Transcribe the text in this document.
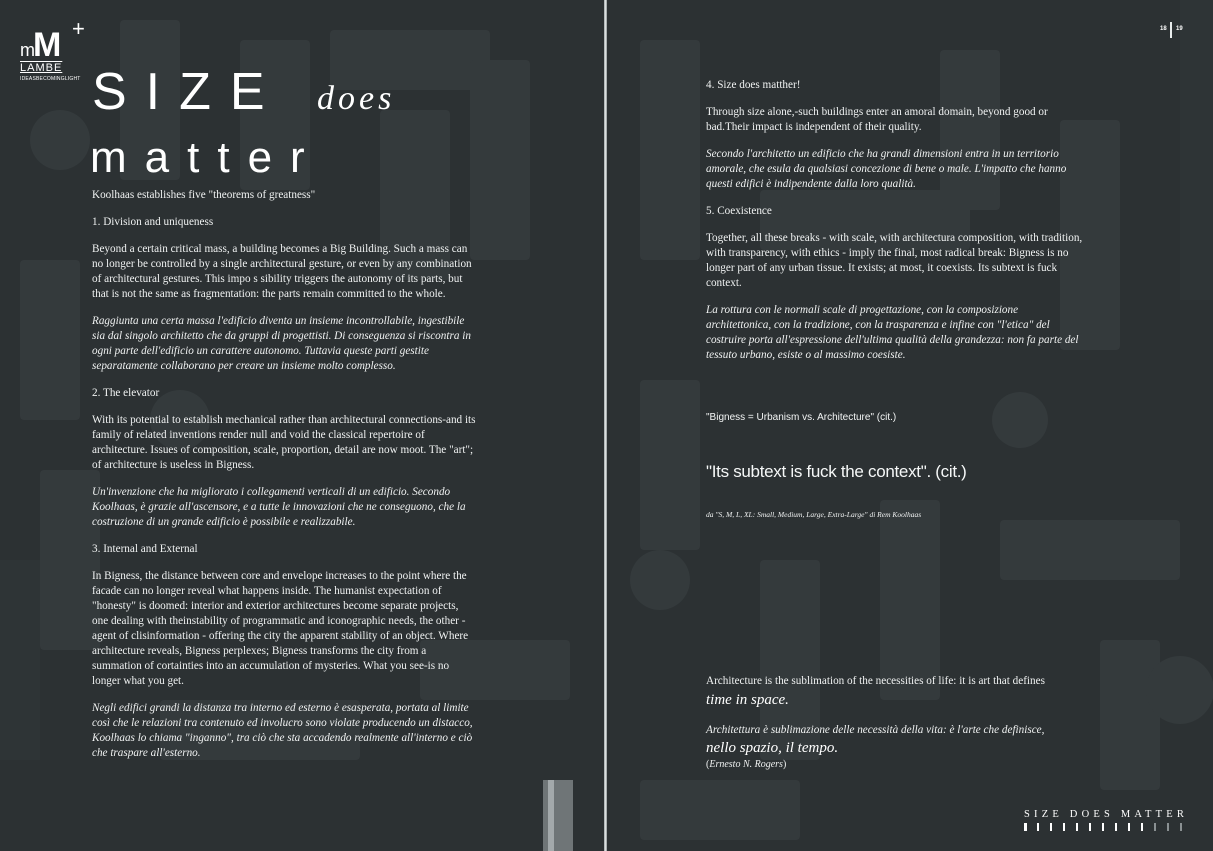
m
M +
LAMBE
IDEASBECOMINGLIGHT SIZE does
matter

Koolhaas establishes five "theorems of greatness"

1. Division and uniqueness

Beyond a certain critical mass, a building becomes a Big Building. Such a mass can no longer be controlled by a single architectural gesture, or even by any combination of architectural gestures. This impo s sibility triggers the autonomy of its parts, but that is not the same as fragmentation: the parts remain committed to the whole.

Raggiunta una certa massa l'edificio diventa un insieme incontrollabile, ingestibile sia dal singolo architetto che da gruppi di progettisti. Di conseguenza si riscontra in ogni parte dell'edificio un carattere autonomo. Tuttavia queste parti gestite separatamente collaborano per creare un insieme molto complesso.

2. The elevator

With its potential to establish mechanical rather than architectural connections-and its family of related inventions render null and void the classical repertoire of architecture. Issues of composition, scale, proportion, detail are now moot. The "art"; of architecture is useless in Bigness.

Un'invenzione che ha migliorato i collegamenti verticali di un edificio. Secondo Koolhaas, è grazie all'ascensore, e a tutte le innovazioni che ne conseguono, che la costruzione di un grande edificio è possibile e realizzabile.

3. Internal and External

In Bigness, the distance between core and envelope increases to the point where the facade can no longer reveal what happens inside. The humanist expectation of "honesty" is doomed: interior and exterior architectures become separate projects, one dealing with theinstability of programmatic and iconographic needs, the other - agent of clisinformation - offering the city the apparent stability of an object. Where architecture reveals, Bigness perplexes; Bigness transforms the city from a summation of cortainties into an accumulation of mysteries. What you see-is no longer what you get.

Negli edifici grandi la distanza tra interno ed esterno è esasperata, portata al limite così che le relazioni tra contenuto ed involucro sono violate producendo un distacco, Koolhaas lo chiama "inganno", tra ciò che sta accadendo realmente all'interno e ciò che traspare all'esterno.

18 19

4. Size does matther!

Through size alone,-such buildings enter an amoral domain, beyond good or bad.Their impact is independent of their quality.

Secondo l'architetto un edificio che ha grandi dimensioni entra in un territorio amorale, che esula da qualsiasi concezione di bene o male. L'impatto che hanno questi edifici è indipendente dalla loro qualità.

5. Coexistence

Together, all these breaks - with scale, with architectura composition, with tradition, with transparency, with ethics - imply the final, most radical break: Bigness is no longer part of any urban tissue. It exists; at most, it coexists. Its subtext is fuck context.

La rottura con le normali scale di progettazione, con la composizione architettonica, con la tradizione, con la trasparenza e infine con "l'etica" del costruire porta all'espressione dell'ultima qualità della grandezza: non fa parte del tessuto urbano, esiste o al massimo coesiste.

"Bigness = Urbanism vs. Architecture" (cit.)
"Its subtext is fuck the context". (cit.)
da "S, M, L, XL: Small, Medium, Large, Extra-Large" di Rem Koolhaas
Architecture is the sublimation of the necessities of life: it is art that defines
time in space.
Architettura è sublimazione delle necessità della vita: è l'arte che definisce,
nello spazio, il tempo.
(Ernesto N. Rogers)
SIZE DOES MATTER
